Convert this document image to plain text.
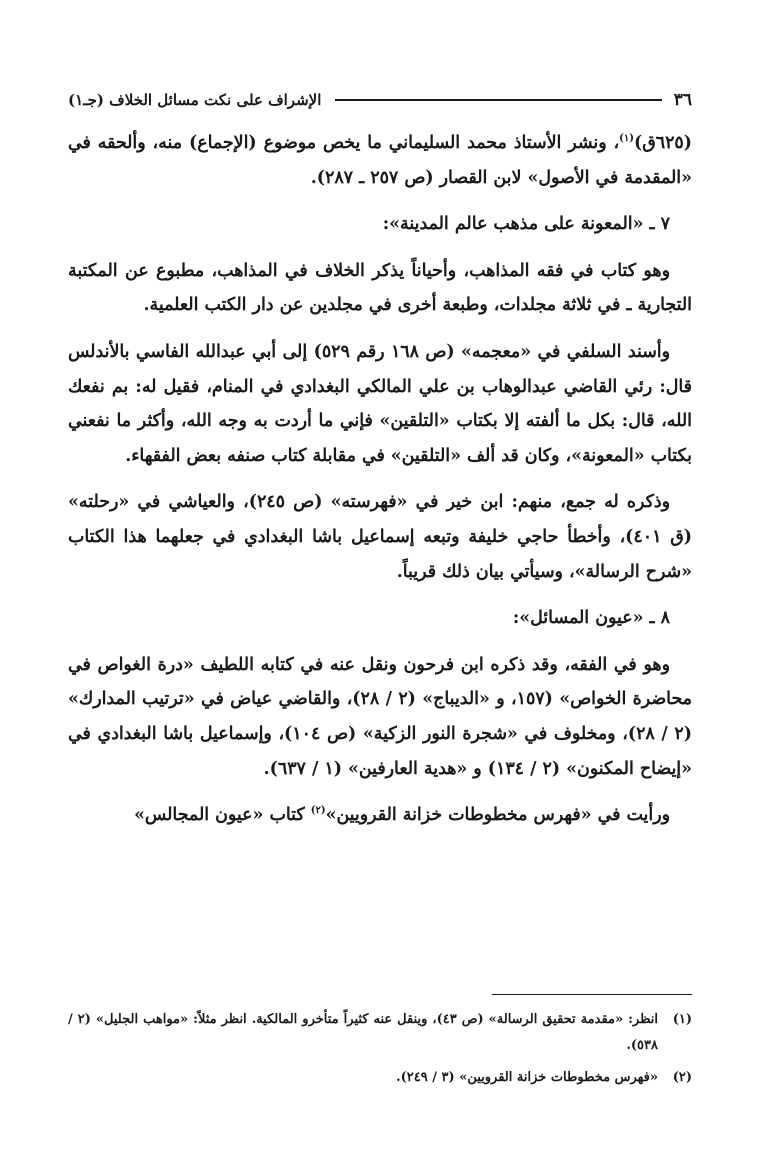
٣٦
الإشراف على نكت مسائل الخلاف (جـ١)

(٦٢٥ق)$^{(١)}$، ونشر الأستاذ محمد السليماني ما يخص موضوع (الإجماع) منه، وألحقه في «المقدمة في الأصول» لابن القصار (ص ٢٥٧ ـ ٢٨٧).

٧ ـ «المعونة على مذهب عالم المدينة»:

وهو كتاب في فقه المذاهب، وأحياناً يذكر الخلاف في المذاهب، مطبوع عن المكتبة التجارية ـ في ثلاثة مجلدات، وطبعة أخرى في مجلدين عن دار الكتب العلمية.

وأسند السلفي في «معجمه» (ص ١٦٨ رقم ٥٢٩) إلى أبي عبدالله الفاسي بالأندلس قال: رئي القاضي عبدالوهاب بن علي المالكي البغدادي في المنام، فقيل له: بم نفعك الله، قال: بكل ما ألفته إلا بكتاب «التلقين» فإني ما أردت به وجه الله، وأكثر ما نفعني بكتاب «المعونة»، وكان قد ألف «التلقين» في مقابلة كتاب صنفه بعض الفقهاء.

وذكره له جمع، منهم: ابن خير في «فهرسته» (ص ٢٤٥)، والعياشي في «رحلته» (ق ٤٠١)، وأخطأ حاجي خليفة وتبعه إسماعيل باشا البغدادي في جعلهما هذا الكتاب «شرح الرسالة»، وسيأتي بيان ذلك قريباً.

٨ ـ «عيون المسائل»:

وهو في الفقه، وقد ذكره ابن فرحون ونقل عنه في كتابه اللطيف «درة الغواص في محاضرة الخواص» (١٥٧، و «الديباج» (٢ / ٢٨)، والقاضي عياض في «ترتيب المدارك» (٢ / ٢٨)، ومخلوف في «شجرة النور الزكية» (ص ١٠٤)، وإسماعيل باشا البغدادي في «إيضاح المكنون» (٢ / ١٣٤) و «هدية العارفين» (١ / ٦٣٧).

ورأيت في «فهرس مخطوطات خزانة القرويين»$^{(٢)}$ كتاب «عيون المجالس»

(١)
انظر: «مقدمة تحقيق الرسالة» (ص ٤٣)، وينقل عنه كثيراً متأخرو المالكية. انظر مثلاً: «مواهب الجليل» (٢ / ٥٣٨).
(٢)
«فهرس مخطوطات خزانة القرويين» (٣ / ٢٤٩).
